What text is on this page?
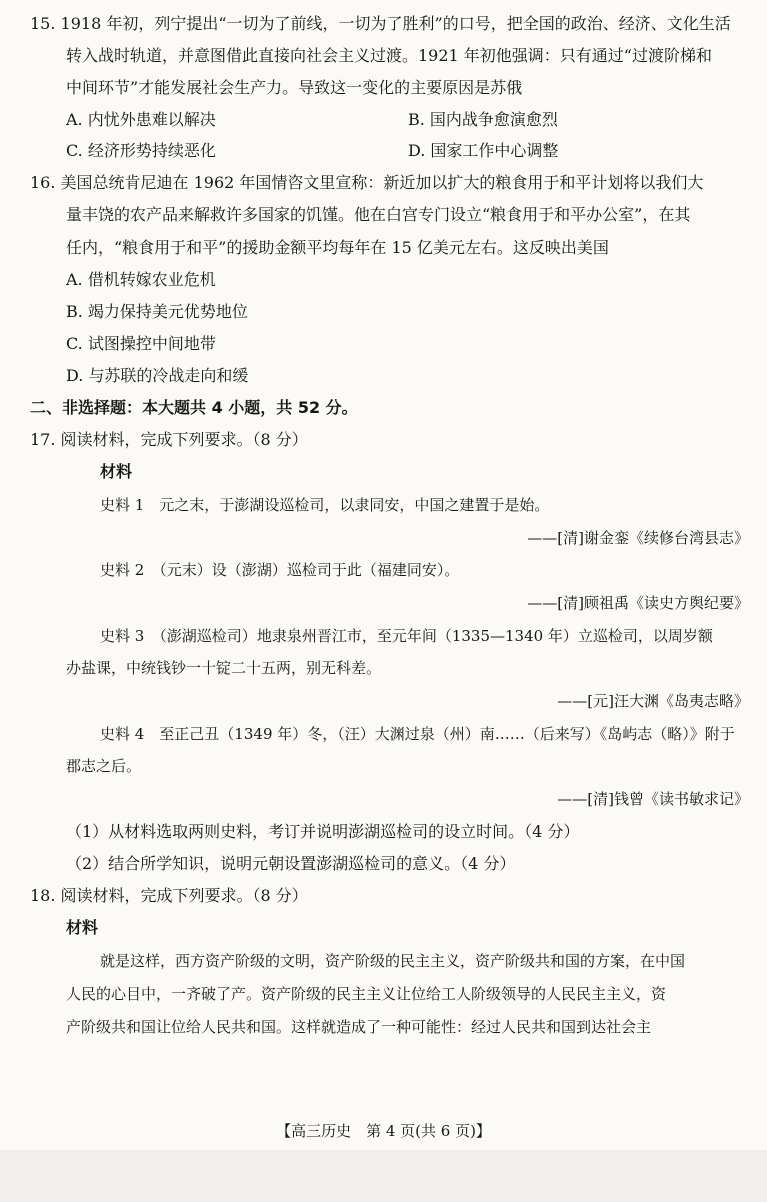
15. 1918 年初，列宁提出“一切为了前线，一切为了胜利”的口号，把全国的政治、经济、文化生活
转入战时轨道，并意图借此直接向社会主义过渡。1921 年初他强调：只有通过“过渡阶梯和
中间环节”才能发展社会生产力。导致这一变化的主要原因是苏俄
A. 内忧外患难以解决	B. 国内战争愈演愈烈
C. 经济形势持续恶化	D. 国家工作中心调整
16. 美国总统肯尼迪在 1962 年国情咨文里宣称：新近加以扩大的粮食用于和平计划将以我们大
量丰饶的农产品来解救许多国家的饥馑。他在白宫专门设立“粮食用于和平办公室”，在其
任内，“粮食用于和平”的援助金额平均每年在 15 亿美元左右。这反映出美国
A. 借机转嫁农业危机
B. 竭力保持美元优势地位
C. 试图操控中间地带
D. 与苏联的冷战走向和缓
二、非选择题：本大题共 4 小题，共 52 分。
17. 阅读材料，完成下列要求。（8 分）
材料
史料 1　元之末，于澎湖设巡检司，以隶同安，中国之建置于是始。
——[清]谢金銮《续修台湾县志》
史料 2　（元末）设（澎湖）巡检司于此（福建同安）。
——[清]顾祖禹《读史方舆纪要》
史料 3　（澎湖巡检司）地隶泉州晋江市，至元年间（1335—1340 年）立巡检司，以周岁额
办盐课，中统钱钞一十锭二十五两，别无科差。
——[元]汪大渊《岛夷志略》
史料 4　至正己丑（1349 年）冬，（汪）大渊过泉（州）南……（后来写）《岛屿志（略）》附于
郡志之后。
——[清]钱曾《读书敏求记》
（1）从材料选取两则史料，考订并说明澎湖巡检司的设立时间。（4 分）
（2）结合所学知识，说明元朝设置澎湖巡检司的意义。（4 分）
18. 阅读材料，完成下列要求。（8 分）
材料
就是这样，西方资产阶级的文明，资产阶级的民主主义，资产阶级共和国的方案，在中国
人民的心目中，一齐破了产。资产阶级的民主主义让位给工人阶级领导的人民民主主义，资
产阶级共和国让位给人民共和国。这样就造成了一种可能性：经过人民共和国到达社会主
【高三历史　第 4 页(共 6 页)】
